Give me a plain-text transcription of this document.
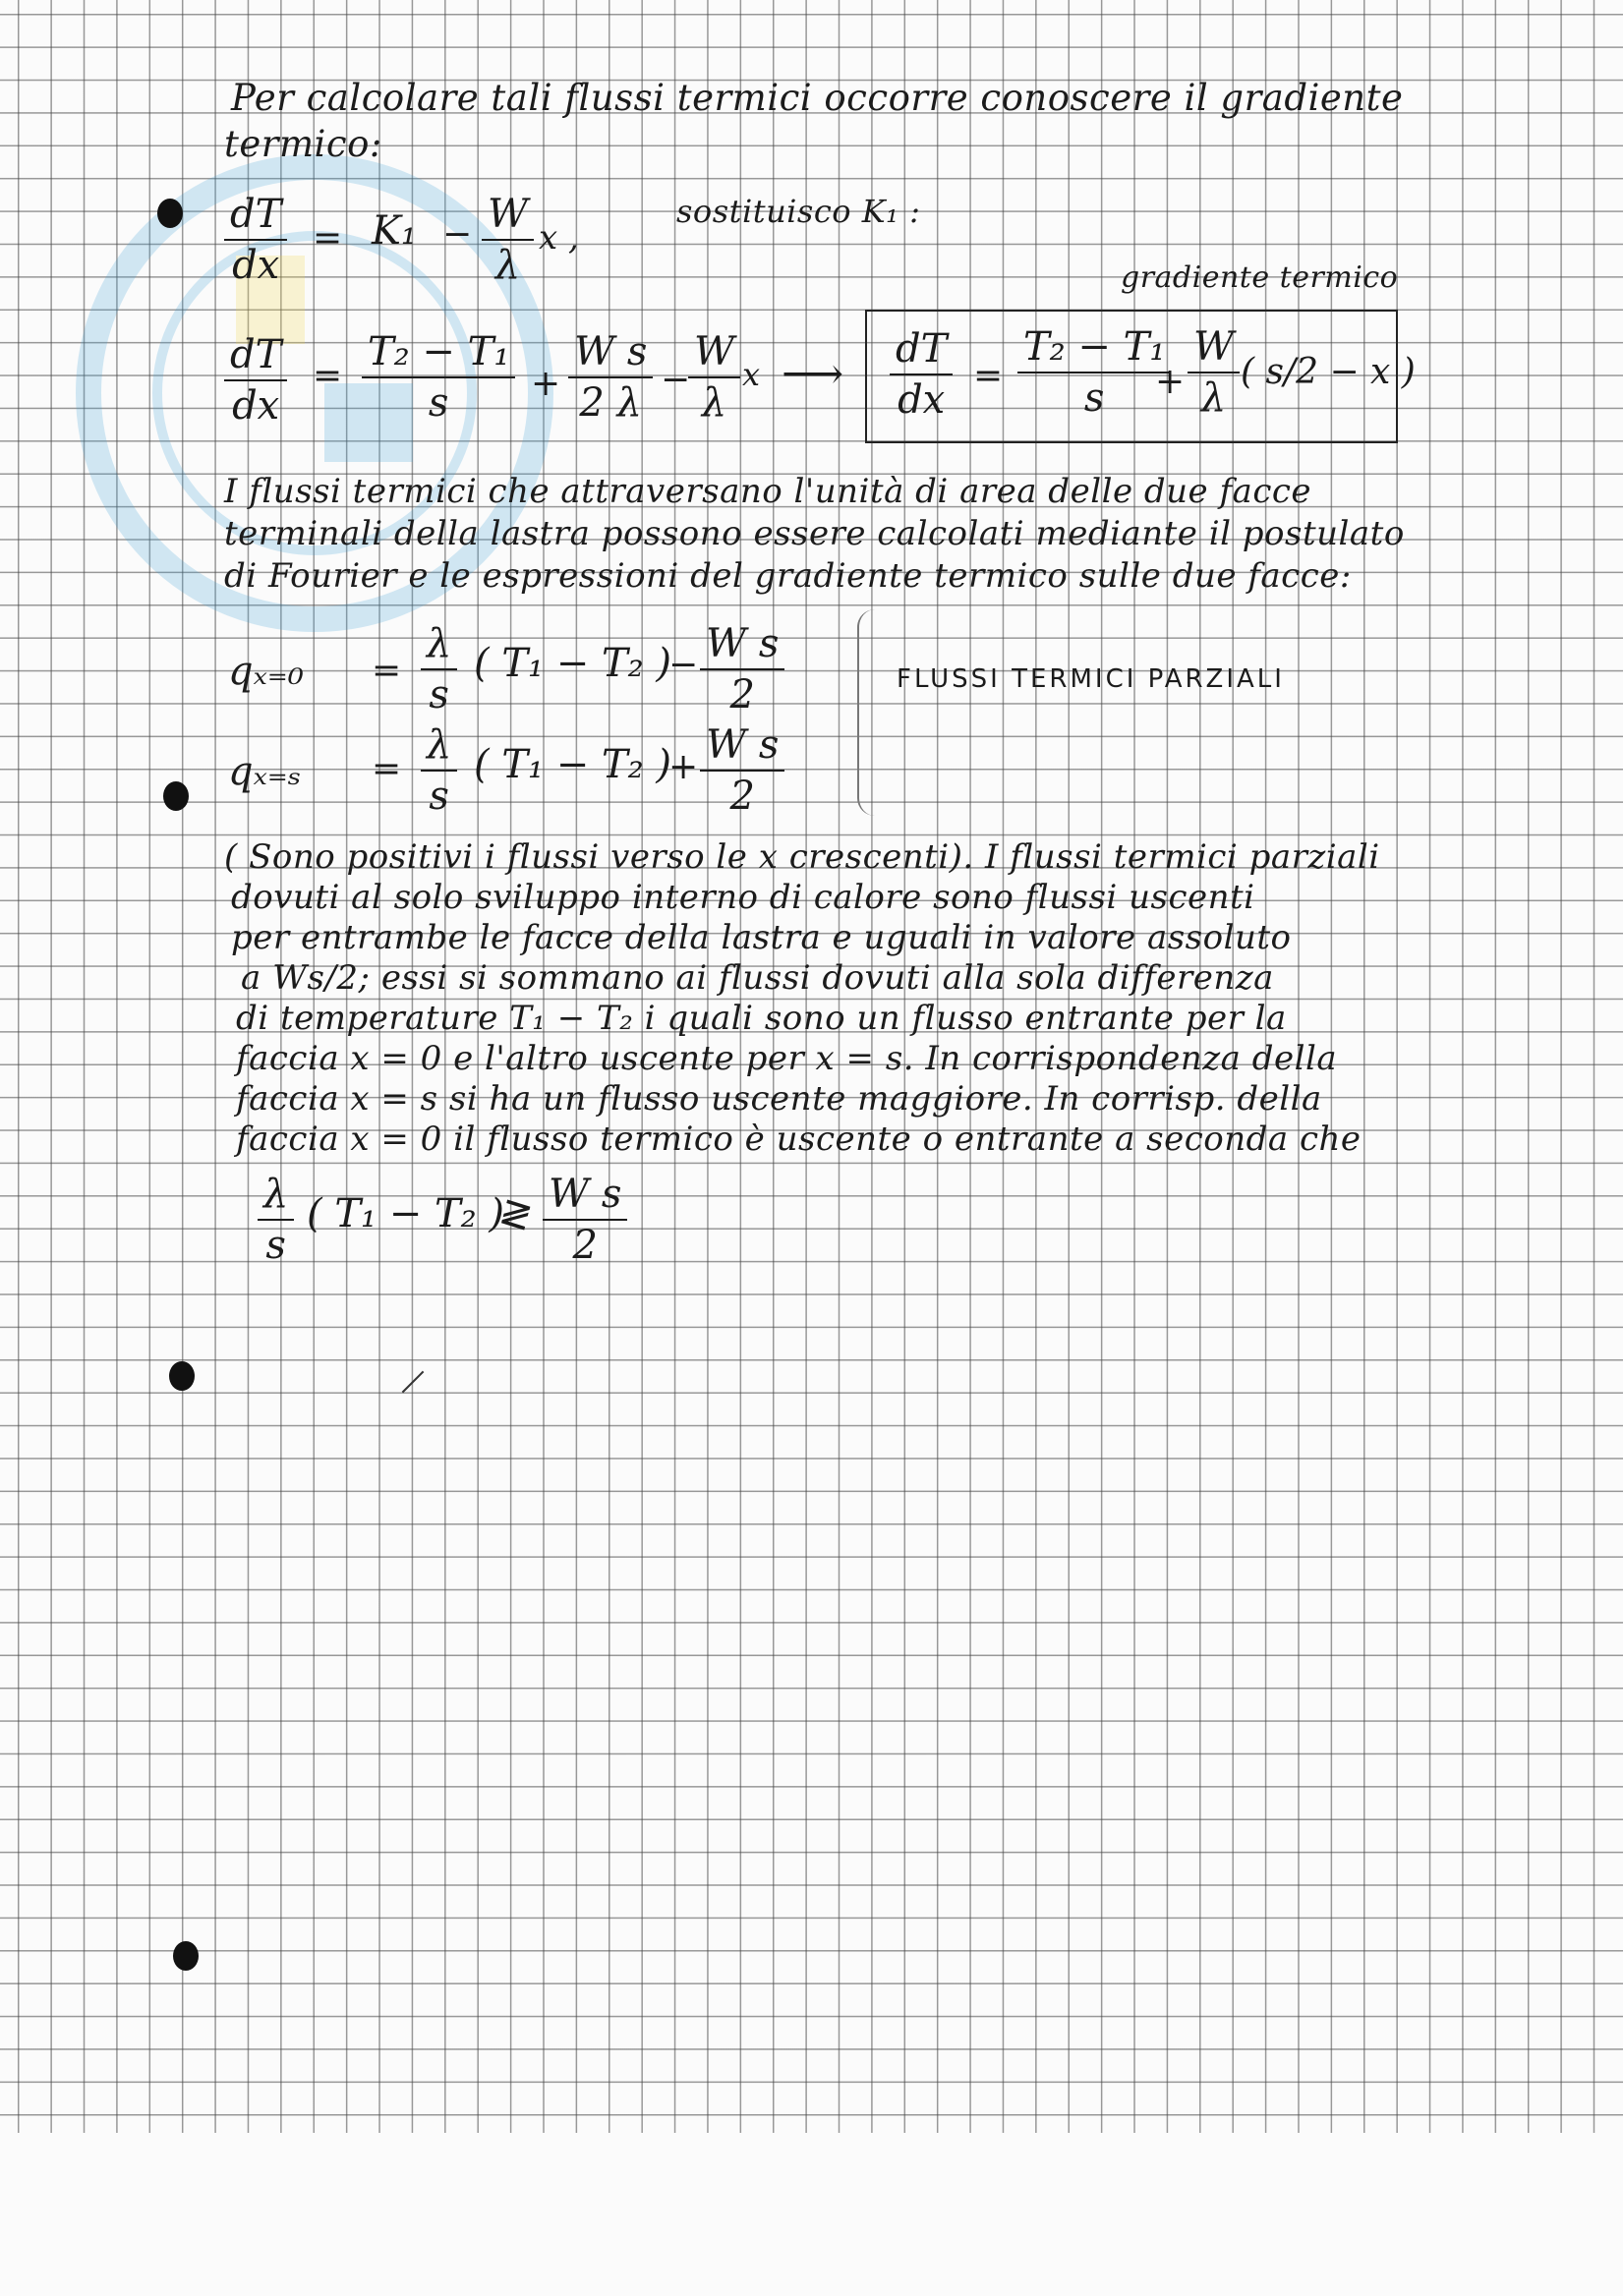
Per calcolare tali flussi termici occorre conoscere il gradiente
termico:
$\frac{dT}{dx} = K_1 - \frac{W}{\lambda}$ x ,
sostituisco K₁ :
gradiente termico
$\frac{dT}{dx} = \frac{\text{T₂ − T₁}}{s} + \frac{\text{W s}}{2 \lambda}$ −
$\frac{W}{\lambda}$ x ⟶ $\frac{dT}{dx} = \frac{\text{T₂ − T₁}}{s}$
+ $\frac{W}{\lambda}$ ( s/2 − x )
I flussi termici che attraversano l'unità di area delle due facce
terminali della lastra possono essere calcolati mediante il postulato
di Fourier e le espressioni del gradiente termico sulle due facce:
$q_{x=0} = \frac{\lambda}{s}$ ( T₁ − T₂ )
− $\frac{\text{W s}}{2}$	FLUSSI TERMICI PARZIALI
$q_{x=s} = \frac{\lambda}{s}$ ( T₁ − T₂ )
+ $\frac{\text{W s}}{2}$
( Sono positivi i flussi verso le x crescenti). I flussi termici parziali
dovuti al solo sviluppo interno di calore sono flussi uscenti
per entrambe le facce della lastra e uguali in valore assoluto
a Ws/2; essi si sommano ai flussi dovuti alla sola differenza
di temperature T₁ − T₂ i quali sono un flusso entrante per la
faccia x = 0 e l'altro uscente per x = s. In corrispondenza della
faccia x = s si ha un flusso uscente maggiore. In corrisp. della
faccia x = 0 il flusso termico è uscente o entrante a seconda che
$\frac{\lambda}{s}$ ( T₁ − T₂ )
≷ $\frac{\text{W s}}{2}$
